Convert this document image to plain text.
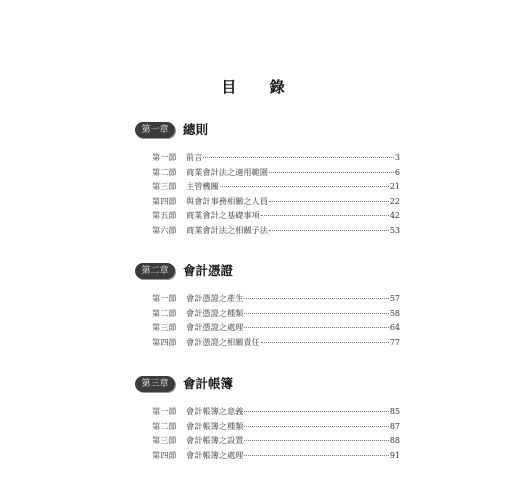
目 錄
第一章	總則
第一節	前言	3
第二節	商業會計法之適用範圍	6
第三節	主管機關	21
第四節	與會計事務相關之人員	22
第五節	商業會計之基礎事項	42
第六節	商業會計法之相關子法	53
第二章	會計憑證
第一節	會計憑證之產生	57
第二節	會計憑證之種類	58
第三節	會計憑證之處理	64
第四節	會計憑證之相關責任	77
第三章	會計帳簿
第一節	會計帳簿之意義	85
第二節	會計帳簿之種類	87
第三節	會計帳簿之設置	88
第四節	會計帳簿之處理	91
